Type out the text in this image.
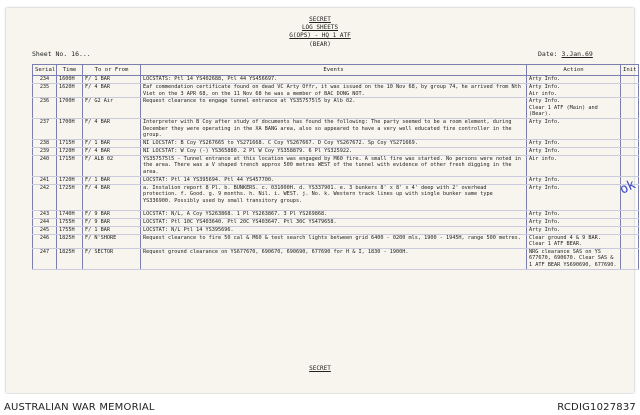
SECRET
LOG SHEETS
G(OPS) - HQ 1 ATF
(BEAR)
Sheet No. 16...	Date: 3.Jan.69
Serial	Time	To or From	Events	Action	Init
234	1600H	F/ 1 BAR	LOCSTATS: Ptl 14 YS402688, Ptl 44 YS456697.	Arty Info.	
235	1620H	F/ 4 BAR	Eaf commendation certificate found on dead VC Arty Offr, it was issued on the 10 Nov 68, by group 74, he arrived from Nth Viet on the 3 APR 68, on the 11 Nov 68 he was a member of BAC DONG NOT.	Arty Info.
Air info.	
236	1700H	F/ G2 Air	Request clearance to engage tunnel entrance at YS357575l5 by Alb 02.	Arty Info.
Clear 1 ATF (Main) and (Bear).	
237	1700H	F/ 4 BAR	Interpreter with B Coy after study of documents has found the following: The party seemed to be a room element, during December they were operating in the XA BANG area, also so appeared to have a very well educated fire controller in the group.	Arty Info.	
238	1715H	F/ 1 BAR	NI LOCSTAT: B Coy YS267665 to YS271668. C Coy YS267667. D Coy YS267672. Sp Coy YS271669.	Arty Info.	
239	1720H	F/ 4 BAR	NI LOCSTAT: W Coy (-) YS365880. 2 Pl W Coy YS358879. 6 Pl YS325922.	Arty Info.	
240	1715H	F/ ALB 02	YS357575l5 - Tunnel entrance at this location was engaged by M60 fire. A small fire was started. No persons were noted in the area. There was a V shaped trench approx 500 metres WEST of the tunnel with evidence of other fresh digging in the area.	Air info.	
241	1720H	F/ 1 BAR	LOCSTAT: Ptl 14 YS395694. Ptl 44 YS457700.	Arty Info.	
242	1725H	F/ 4 BAR	a. Instalion report 8 Pl. b. BUNKERS. c. 031000H. d. YS337901. e. 3 bunkers 8' x 8' x 4' deep with 2' overhead protection. f. Good. g. 9 months. h. Nil. i. WEST. j. No. k. Western track lines up with single bunker same type YS336900. Possibly used by small transitory groups.	Arty Info.	
243	1740H	F/ 9 BAR	LOCSTAT: N/L, A Coy YS263868. 1 Pl YS263867. 3 Pl YS269868.	Arty Info.	
244	1755H	F/ 9 BAR	LOCSTAT: Ptl 10C YS403640. Ptl 20C YS403647. Ptl 30C YS479658.	Arty Info.	
245	1755H	F/ 1 BAR	LOCSTAT: N/L Ptl 14 YS395696.	Arty Info.	
246	1825H	F/ N'SHORE	Request clearance to fire 50 cal & M60 & test search lights between grid 6400 - 0200 mls, 1900 - 1945H, range 500 metres.	Clear ground 4 & 9 BAR.
Clear 1 ATF BEAR.	
247	1825H	F/ SECTOR	Request ground clearance on YS677670, 690670, 690690, 677690 for H & I, 1830 - 1900H.	NRG clearance SAS on YS 677670, 690670. Clear SAS & 1 ATF BEAR YS690690, 677690.	
SECRET
ok
AUSTRALIAN WAR MEMORIAL	RCDIG1027837
